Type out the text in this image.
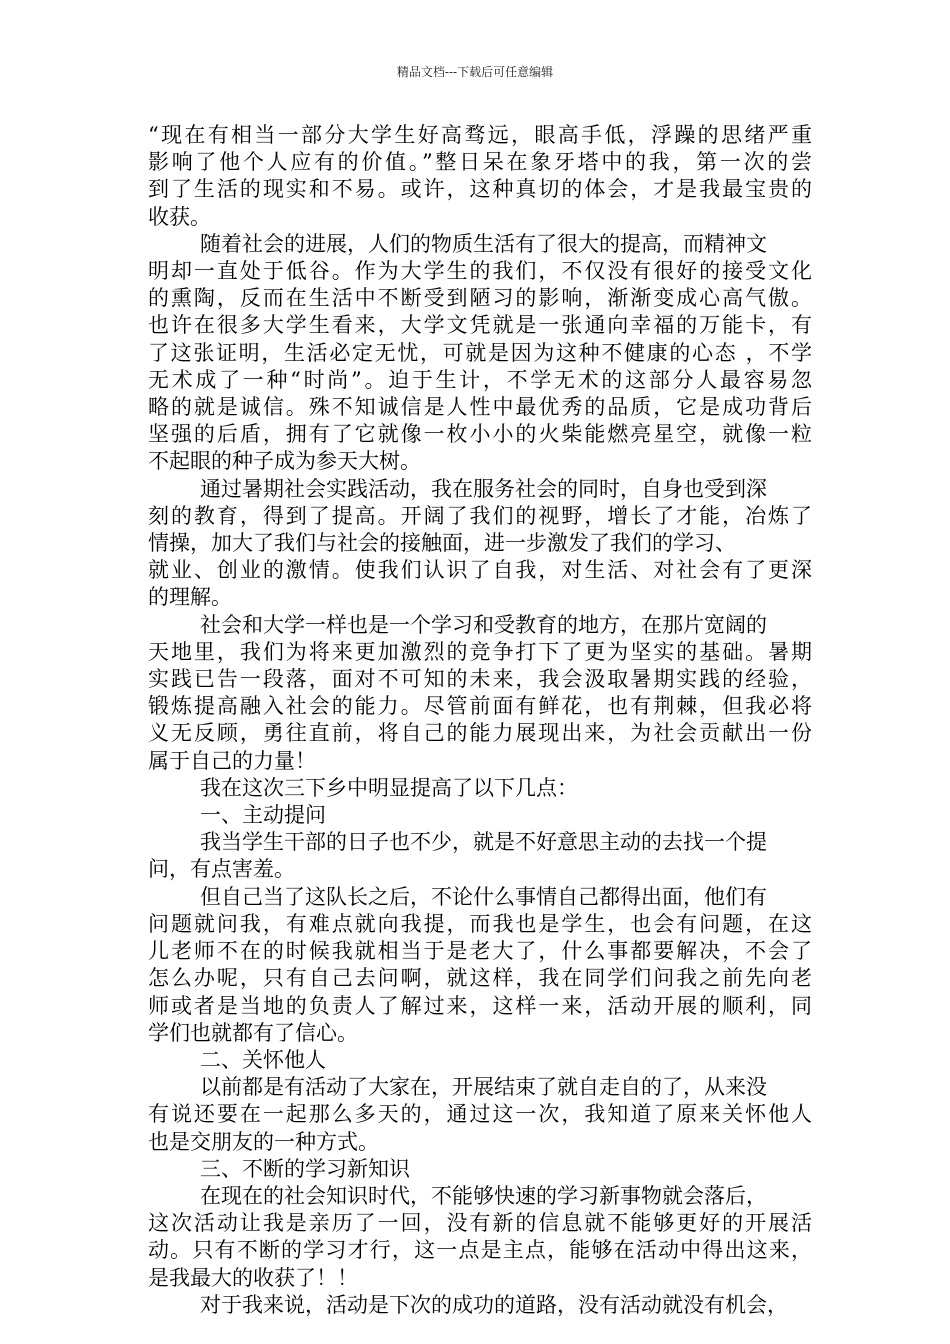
精品文档---下载后可任意编辑

“现在有相当一部分大学生好高骛远，眼高手低，浮躁的思绪严重

影响了他个人应有的价值。”整日呆在象牙塔中的我，第一次的尝

到了生活的现实和不易。或许，这种真切的体会，才是我最宝贵的

收获。

随着社会的进展，人们的物质生活有了很大的提高，而精神文

明却一直处于低谷。作为大学生的我们，不仅没有很好的接受文化

的熏陶，反而在生活中不断受到陋习的影响，渐渐变成心高气傲。

也许在很多大学生看来，大学文凭就是一张通向幸福的万能卡，有

了这张证明，生活必定无忧，可就是因为这种不健康的心态 ，不学

无术成了一种“时尚”。迫于生计，不学无术的这部分人最容易忽

略的就是诚信。殊不知诚信是人性中最优秀的品质，它是成功背后

坚强的后盾，拥有了它就像一枚小小的火柴能燃亮星空，就像一粒

不起眼的种子成为参天大树。

通过暑期社会实践活动，我在服务社会的同时，自身也受到深

刻的教育，得到了提高。开阔了我们的视野，增长了才能，冶炼了

情操，加大了我们与社会的接触面，进一步激发了我们的学习、

就业、创业的激情。使我们认识了自我，对生活、对社会有了更深

的理解。

社会和大学一样也是一个学习和受教育的地方，在那片宽阔的

天地里，我们为将来更加激烈的竞争打下了更为坚实的基础。暑期

实践已告一段落，面对不可知的未来，我会汲取暑期实践的经验，

锻炼提高融入社会的能力。尽管前面有鲜花，也有荆棘，但我必将

义无反顾，勇往直前，将自己的能力展现出来，为社会贡献出一份

属于自己的力量！

我在这次三下乡中明显提高了以下几点：

一、主动提问

我当学生干部的日子也不少，就是不好意思主动的去找一个提

问，有点害羞。

但自己当了这队长之后，不论什么事情自己都得出面，他们有

问题就问我，有难点就向我提，而我也是学生，也会有问题，在这

儿老师不在的时候我就相当于是老大了，什么事都要解决，不会了

怎么办呢，只有自己去问啊，就这样，我在同学们问我之前先向老

师或者是当地的负责人了解过来，这样一来，活动开展的顺利，同

学们也就都有了信心。

二、关怀他人

以前都是有活动了大家在，开展结束了就自走自的了，从来没

有说还要在一起那么多天的，通过这一次，我知道了原来关怀他人

也是交朋友的一种方式。

三、不断的学习新知识

在现在的社会知识时代，不能够快速的学习新事物就会落后，

这次活动让我是亲历了一回，没有新的信息就不能够更好的开展活

动。只有不断的学习才行，这一点是主点，能够在活动中得出这来，

是我最大的收获了！！

对于我来说，活动是下次的成功的道路，没有活动就没有机会，
